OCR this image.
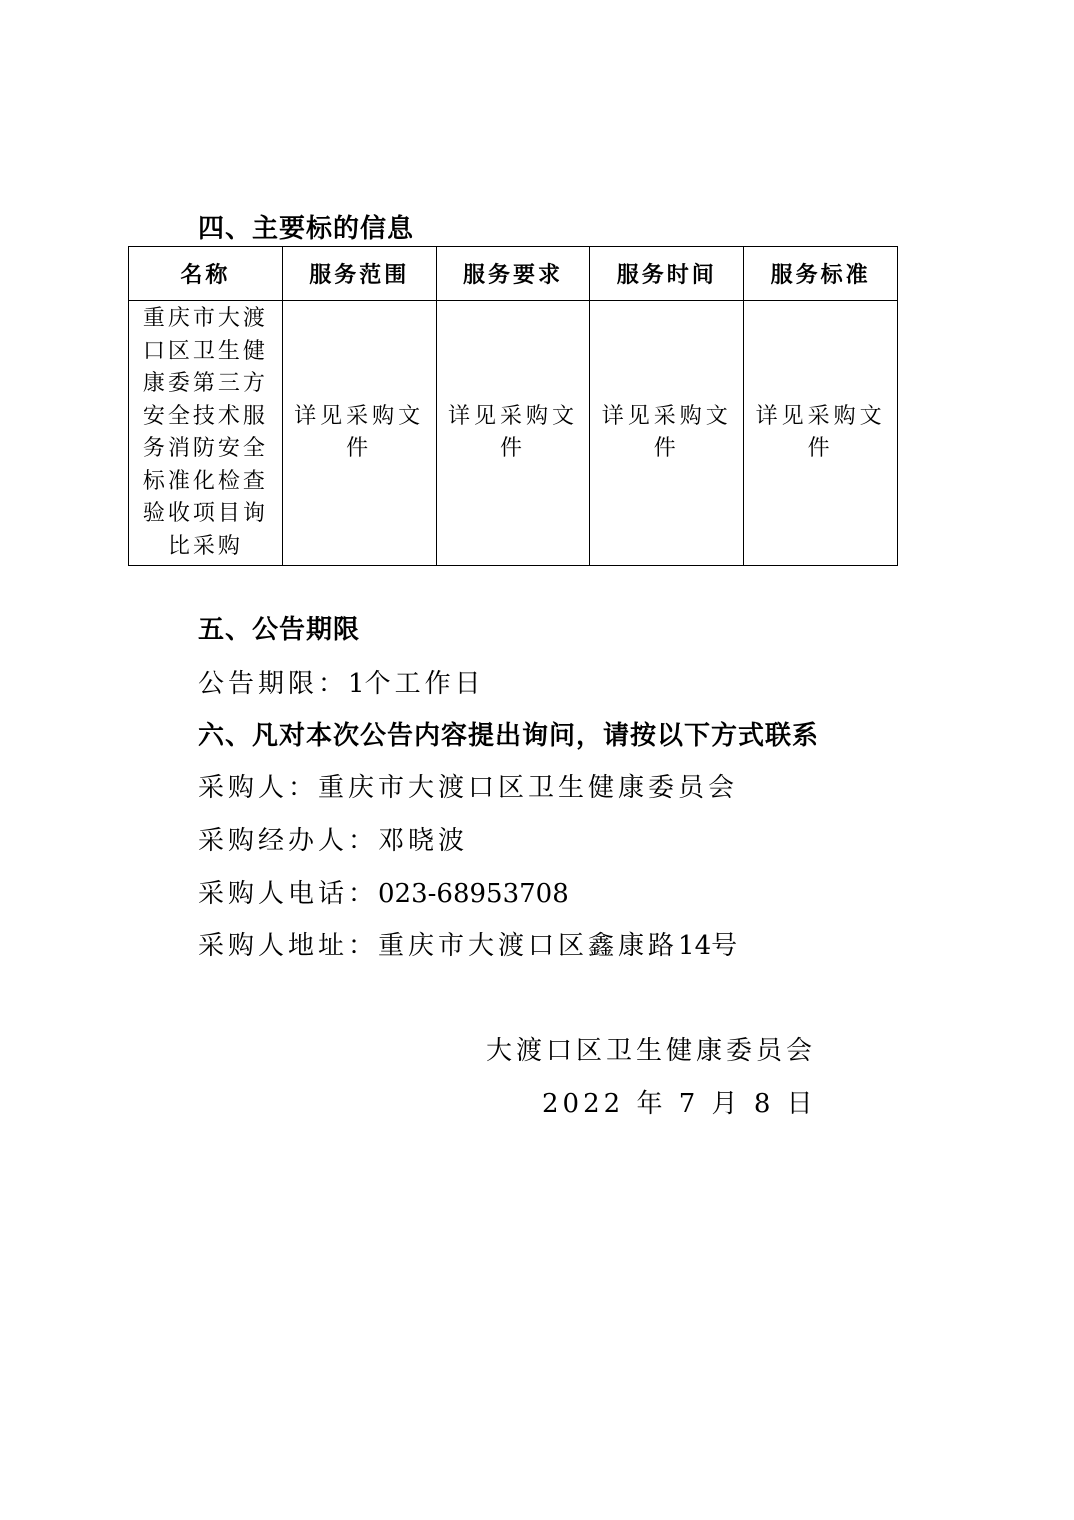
四、主要标的信息
名称	服务范围	服务要求	服务时间	服务标准
重庆市大渡口区卫生健康委第三方安全技术服务消防安全标准化检查验收项目询比采购	详见采购文件	详见采购文件	详见采购文件	详见采购文件
五、公告期限
公告期限：1个工作日
六、凡对本次公告内容提出询问，请按以下方式联系
采购人：重庆市大渡口区卫生健康委员会
采购经办人：邓晓波
采购人电话：023-68953708
采购人地址：重庆市大渡口区鑫康路14号
大渡口区卫生健康委员会
2022 年 7 月 8 日
